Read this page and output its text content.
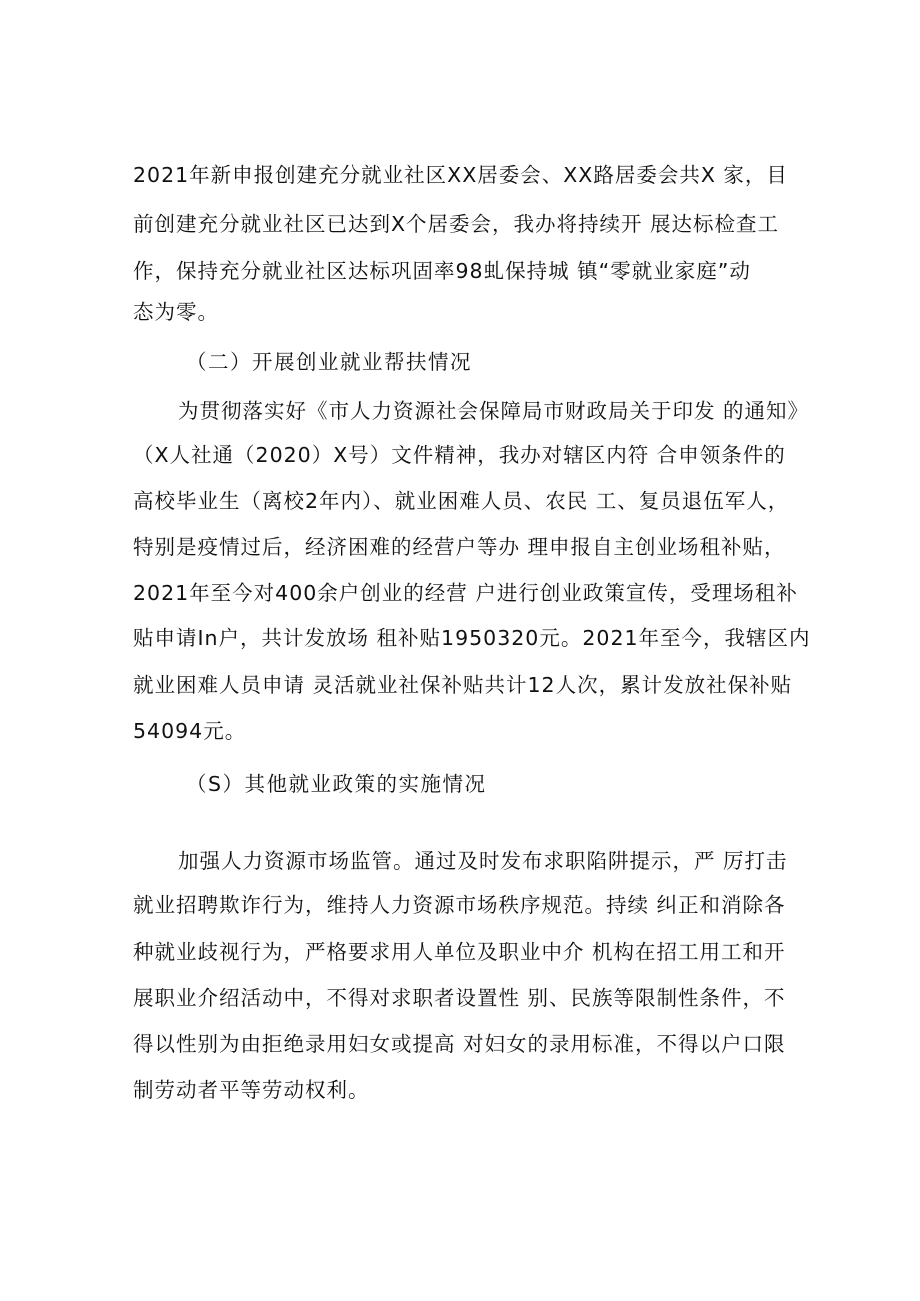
2021年新申报创建充分就业社区XX居委会、XX路居委会共X 家，目
前创建充分就业社区已达到X个居委会，我办将持续开 展达标检查工
作，保持充分就业社区达标巩固率98虬保持城 镇“零就业家庭”动
态为零。
（二）开展创业就业帮扶情况
为贯彻落实好《市人力资源社会保障局市财政局关于印发 的通知》
（X人社通（2020）X号）文件精神，我办对辖区内符 合申领条件的
高校毕业生（离校2年内）、就业困难人员、农民 工、复员退伍军人，
特别是疫情过后，经济困难的经营户等办 理申报自主创业场租补贴，
2021年至今对400余户创业的经营 户进行创业政策宣传，受理场租补
贴申请In户，共计发放场 租补贴1950320元。2021年至今，我辖区内
就业困难人员申请 灵活就业社保补贴共计12人次，累计发放社保补贴
54094元。
（S）其他就业政策的实施情况
加强人力资源市场监管。通过及时发布求职陷阱提示，严 厉打击
就业招聘欺诈行为，维持人力资源市场秩序规范。持续 纠正和消除各
种就业歧视行为，严格要求用人单位及职业中介 机构在招工用工和开
展职业介绍活动中，不得对求职者设置性 别、民族等限制性条件，不
得以性别为由拒绝录用妇女或提高 对妇女的录用标准，不得以户口限
制劳动者平等劳动权利。
